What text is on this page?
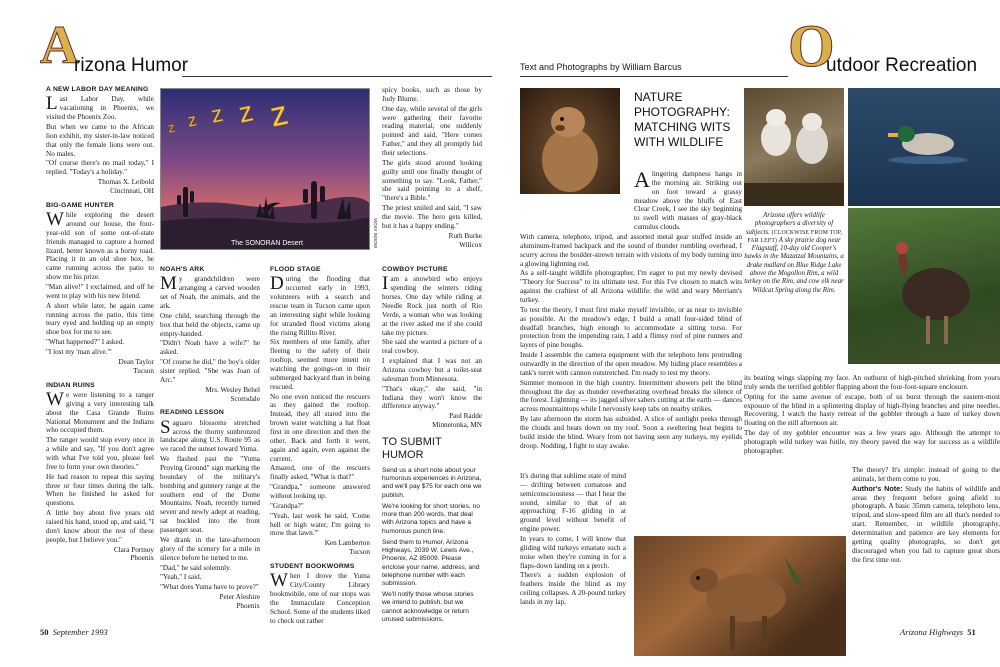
A
rizona Humor
A NEW LABOR DAY MEANING

Last Labor Day, while vacationing in Phoenix, we visited the Phoenix Zoo.

But when we came to the African lion exhibit, my sister-in-law noticed that only the female lions were out. No males.

"Of course there's no mail today," I replied. "Today's a holiday."

Thomas X. Leibold
Cincinnati, OH
BIG-GAME HUNTER

While exploring the desert around our house, the four-year-old son of some out-of-state friends managed to capture a horned lizard, better known as a horny toad. Placing it in an old shoe box, he came running across the patio to show me his prize.

"Man alive!" I exclaimed, and off he went to play with his new friend.

A short while later, he again came running across the patio, this time teary eyed and holding up an empty shoe box for me to see.

"What happened?" I asked.

"I lost my 'man alive.'"

Dean Taylor
Tucson
INDIAN RUINS

We were listening to a ranger giving a very interesting talk about the Casa Grande Ruins National Monument and the Indians who occupied them.

The ranger would stop every once in a while and say, "If you don't agree with what I've told you, please feel free to form your own theories."

He had reason to repeat this saying three or four times during the talk. When he finished he asked for questions.

A little boy about five years old raised his hand, stood up, and said, "I don't know about the rest of these people, but I believe you."

Clara Portnoy
Phoenix
Z Z Z Z Z
The SONORAN Desert	VICKY INSOW
NOAH'S ARK

My grandchildren were arranging a carved wooden set of Noah, the animals, and the ark.

One child, searching through the box that held the objects, came up empty-handed.

"Didn't Noah have a wife?" he asked.

"Of course he did," the boy's older sister replied. "She was Joan of Arc."

Mrs. Wesley Behel
Scottsdale
READING LESSON

Saguaro blossoms stretched across the thorny sunbronzed landscape along U.S. Route 95 as we raced the sunset toward Yuma.

We flashed past the "Yuma Proving Ground" sign marking the boundary of the military's bombing and gunnery range at the southern end of the Dome Mountains. Noah, recently turned seven and newly adept at reading, sat buckled into the front passenger seat.

We drank in the late-afternoon glory of the scenery for a mile in silence before he turned to me.

"Dad," he said solemnly.

"Yeah," I said.

"What does Yuma have to prove?"

Peter Aleshire
Phoenix

spicy books, such as those by Judy Blume.

One day, while several of the girls were gathering their favorite reading material, one suddenly pointed and said, "Here comes Father," and they all promptly hid their selections.

The girls stood around looking guilty until one finally thought of something to say. "Look, Father," she said pointing to a shelf, "there's a Bible."

The priest smiled and said, "I saw the movie. The hero gets killed, but it has a happy ending."

Ruth Burke
Willcox
FLOOD STAGE

During the flooding that occurred early in 1993, volunteers with a search and rescue team in Tucson came upon an interesting sight while looking for stranded flood victims along the rising Rillito River.

Six members of one family, after fleeing to the safety of their rooftop, seemed more intent on watching the goings-on in their submerged backyard than in being rescued.

No one even noticed the rescuers as they gained the rooftop. Instead, they all stared into the brown water watching a hat float first in one direction and then the other. Back and forth it went, again and again, even against the current.

Amazed, one of the rescuers finally asked, "What is that?"

"Grandpa," someone answered without looking up.

"Grandpa?"

"Yeah, last week he said, 'Come hell or high water, I'm going to mow that lawn.'"

Ken Lamberton
Tucson
STUDENT BOOKWORMS

When I drove the Yuma City/County Library bookmobile, one of our stops was the Immaculate Conception School. Some of the students liked to check out rather

COWBOY PICTURE

Iam a snowbird who enjoys spending the winters riding horses. One day while riding at Needle Rock just north of Rio Verde, a woman who was looking at the river asked me if she could take my picture.

She said she wanted a picture of a real cowboy.

I explained that I was not an Arizona cowboy but a toilet-seat salesman from Minnesota.

"That's okay," she said, "in Indiana they won't know the difference anyway."

Paul Radde
Minnetonka, MN
TO SUBMIT HUMOR

Send us a short note about your humorous experiences in Arizona, and we'll pay $75 for each one we publish.

We're looking for short stories, no more than 200 words, that deal with Arizona topics and have a humorous punch line.

Send them to Humor, Arizona Highways, 2039 W. Lewis Ave., Phoenix, AZ 85009. Please enclose your name, address, and telephone number with each submission.

We'll notify those whose stories we intend to publish, but we cannot acknowledge or return unused submissions.

50 September 1993
Text and Photographs by William Barcus O
utdoor Recreation
NATURE PHOTOGRAPHY: MATCHING WITS WITH WILDLIFE
Arizona offers wildlife photographers a diversity of subjects. (CLOCKWISE FROM TOP, FAR LEFT) A sky prairie dog near Flagstaff, 10-day old Cooper's hawks in the Mazatzal Mountains, a drake mallard on Blue Ridge Lake above the Mogollon Rim, a wild turkey on the Rim, and cow elk near Wildcat Spring along the Rim.

Alingering dampness hangs in the morning air. Striking out on foot toward a grassy meadow above the bluffs of East Clear Creek, I see the sky beginning to swell with masses of gray-black cumulus clouds.

With camera, telephoto, tripod, and assorted metal gear stuffed inside an aluminum-framed backpack and the sound of thunder rumbling overhead, I scurry across the boulder-strewn terrain with visions of my body turning into a glowing lightning rod.

As a self-taught wildlife photographer, I'm eager to put my newly devised "Theory for Success" to its ultimate test. For this I've chosen to match wits against the craftiest of all Arizona wildlife: the wild and wary Merriam's turkey.

To test the theory, I must first make myself invisible, or as near to invisible as possible. At the meadow's edge, I build a small four-sided blind of deadfall branches, high enough to accommodate a sitting torso. For protection from the impending rain, I add a flimsy roof of pine runners and layers of pine boughs.

Inside I assemble the camera equipment with the telephoto lens protruding outwardly in the direction of the open meadow. My hiding place resembles a tank's turret with cannon outstretched. I'm ready to test my theory.

Summer monsoon in the high country. Intermittent showers pelt the blind throughout the day as thunder reverberating overhead breaks the silence of the forest. Lightning — its jagged silver sabers cutting at the earth — dances across mountaintops while I nervously keep tabs on nearby strikes.

By late afternoon the storm has subsided. A slice of sunlight peeks through the clouds and beats down on my roof. Soon a sweltering heat begins to build inside the blind. Weary from not having seen any turkeys, my eyelids droop. Nodding, I fight to stay awake.

It's during that sublime state of mind — drifting between comatose and semiconsciousness — that I hear the sound, similar to that of an approaching F-16 gliding in at ground level without benefit of engine power.

In years to come, I will know that gliding wild turkeys emanate such a noise when they're coming in for a flaps-down landing on a perch.

There's a sudden explosion of feathers inside the blind as my ceiling collapses. A 20-pound turkey lands in my lap,

its beating wings slapping my face. An outburst of high-pitched shrieking from yours truly sends the terrified gobbler flapping about the four-foot-square enclosure.

Opting for the same avenue of escape, both of us burst through the eastern-most exposure of the blind in a splintering display of high-flying branches and pine needles. Recovering, I watch the hasty retreat of the gobbler through a haze of turkey down floating on the still afternoon air.

The day of my gobbler encounter was a few years ago. Although the attempt to photograph wild turkey was futile, my theory paved the way for success as a wildlife photographer.

The theory? It's simple: instead of going to the animals, let them come to you.

Author's Note: Study the habits of wildlife and areas they frequent before going afield to photograph. A basic 35mm camera, telephoto lens, tripod, and slow-speed film are all that's needed to start. Remember, in wildlife photography, determination and patience are key elements for getting quality photographs, so don't get discouraged when you fail to capture great shots the first time out.

Arizona Highways 51
